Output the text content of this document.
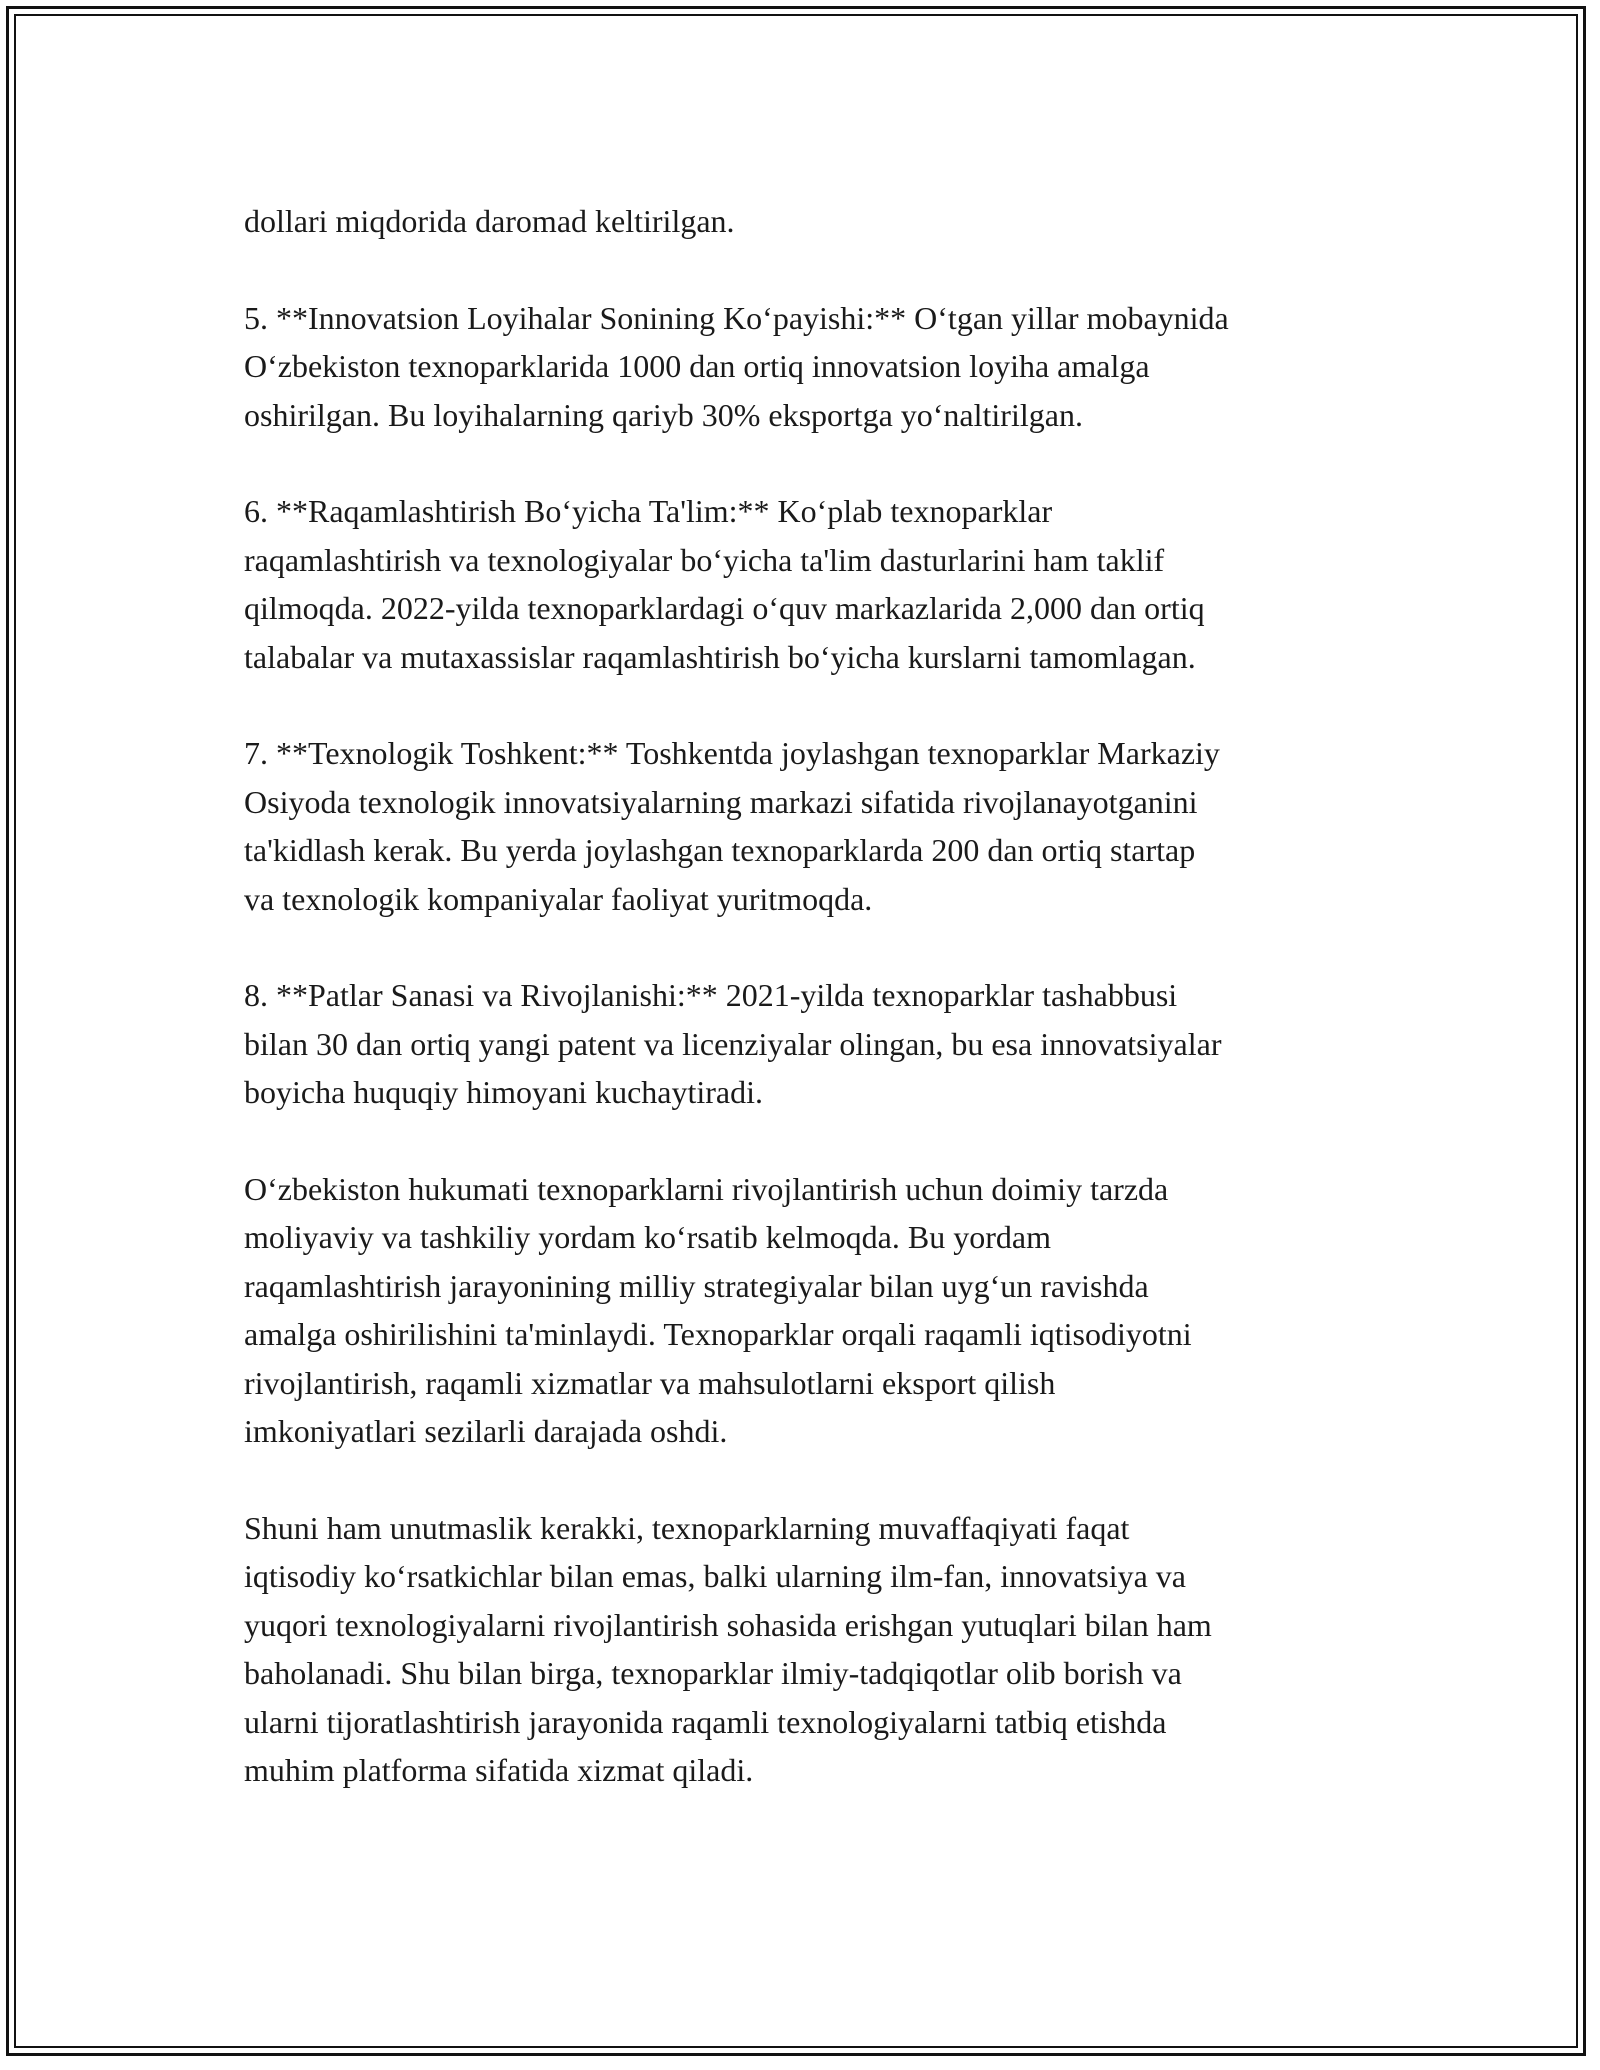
dollari miqdorida daromad keltirilgan.

5. **Innovatsion Loyihalar Sonining Koʻpayishi:** Oʻtgan yillar mobaynida
Oʻzbekiston texnoparklarida 1000 dan ortiq innovatsion loyiha amalga
oshirilgan. Bu loyihalarning qariyb 30% eksportga yoʻnaltirilgan.

6. **Raqamlashtirish Boʻyicha Ta'lim:** Koʻplab texnoparklar
raqamlashtirish va texnologiyalar boʻyicha ta'lim dasturlarini ham taklif
qilmoqda. 2022-yilda texnoparklardagi oʻquv markazlarida 2,000 dan ortiq
talabalar va mutaxassislar raqamlashtirish boʻyicha kurslarni tamomlagan.

7. **Texnologik Toshkent:** Toshkentda joylashgan texnoparklar Markaziy
Osiyoda texnologik innovatsiyalarning markazi sifatida rivojlanayotganini
ta'kidlash kerak. Bu yerda joylashgan texnoparklarda 200 dan ortiq startap
va texnologik kompaniyalar faoliyat yuritmoqda.

8. **Patlar Sanasi va Rivojlanishi:** 2021-yilda texnoparklar tashabbusi
bilan 30 dan ortiq yangi patent va licenziyalar olingan, bu esa innovatsiyalar
boyicha huquqiy himoyani kuchaytiradi.

Oʻzbekiston hukumati texnoparklarni rivojlantirish uchun doimiy tarzda
moliyaviy va tashkiliy yordam koʻrsatib kelmoqda. Bu yordam
raqamlashtirish jarayonining milliy strategiyalar bilan uygʻun ravishda
amalga oshirilishini ta'minlaydi. Texnoparklar orqali raqamli iqtisodiyotni
rivojlantirish, raqamli xizmatlar va mahsulotlarni eksport qilish
imkoniyatlari sezilarli darajada oshdi.

Shuni ham unutmaslik kerakki, texnoparklarning muvaffaqiyati faqat
iqtisodiy koʻrsatkichlar bilan emas, balki ularning ilm-fan, innovatsiya va
yuqori texnologiyalarni rivojlantirish sohasida erishgan yutuqlari bilan ham
baholanadi. Shu bilan birga, texnoparklar ilmiy-tadqiqotlar olib borish va
ularni tijoratlashtirish jarayonida raqamli texnologiyalarni tatbiq etishda
muhim platforma sifatida xizmat qiladi.
